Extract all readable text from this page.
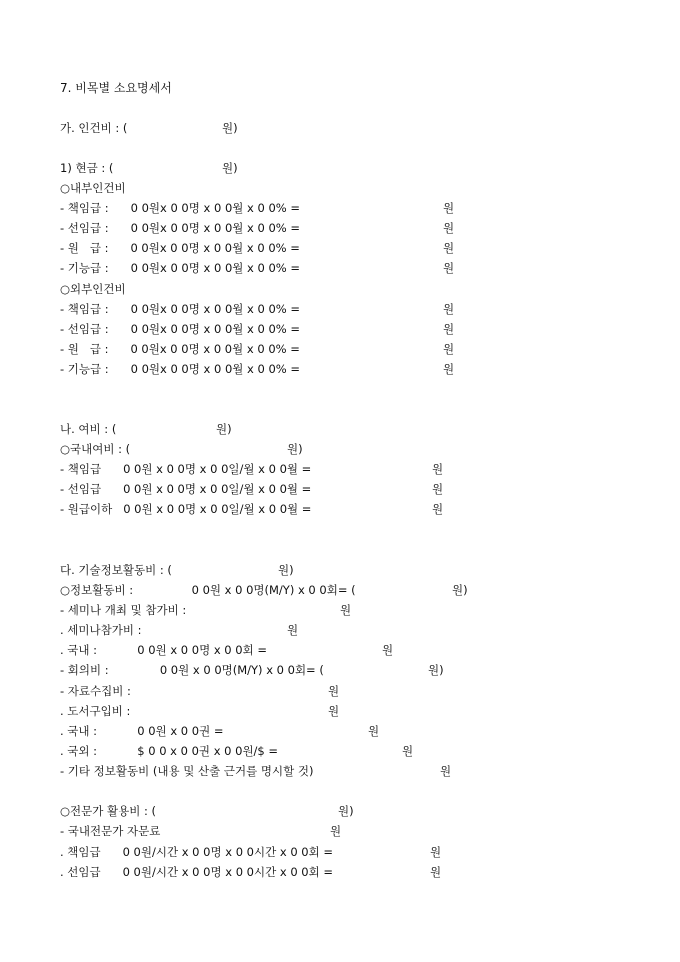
7. 비목별 소요명세서
가. 인건비 : (	원)
1) 현금 : (	원)
○내부인건비
- 책임급 :      0 0원x 0 0명 x 0 0월 x 0 0% =	원
- 선임급 :      0 0원x 0 0명 x 0 0월 x 0 0% =	원
- 원   급 :      0 0원x 0 0명 x 0 0월 x 0 0% =	원
- 기능급 :      0 0원x 0 0명 x 0 0월 x 0 0% =	원
○외부인건비
- 책임급 :      0 0원x 0 0명 x 0 0월 x 0 0% =	원
- 선임급 :      0 0원x 0 0명 x 0 0월 x 0 0% =	원
- 원   급 :      0 0원x 0 0명 x 0 0월 x 0 0% =	원
- 기능급 :      0 0원x 0 0명 x 0 0월 x 0 0% =	원
나. 여비 : (	원)
○국내여비 : (	원)
- 책임급      0 0원 x 0 0명 x 0 0일/월 x 0 0월 =	원
- 선임급      0 0원 x 0 0명 x 0 0일/월 x 0 0월 =	원
- 원급이하   0 0원 x 0 0명 x 0 0일/월 x 0 0월 =	원
다. 기술정보활동비 : (	원)
○정보활동비 :                0 0원 x 0 0명(M/Y) x 0 0회= (	원)
- 세미나 개최 및 참가비 :	원
. 세미나참가비 :	원
. 국내 :           0 0원 x 0 0명 x 0 0회 =	원
- 회의비 :              0 0원 x 0 0명(M/Y) x 0 0회= (	원)
- 자료수집비 :	원
. 도서구입비 :	원
. 국내 :           0 0원 x 0 0권 =	원
. 국외 :           $ 0 0 x 0 0권 x 0 0원/$ =	원
- 기타 정보활동비 (내용 및 산출 근거를 명시할 것)	원
○전문가 활용비 : (	원)
- 국내전문가 자문료	원
. 책임급      0 0원/시간 x 0 0명 x 0 0시간 x 0 0회 =	원
. 선임급      0 0원/시간 x 0 0명 x 0 0시간 x 0 0회 =	원
